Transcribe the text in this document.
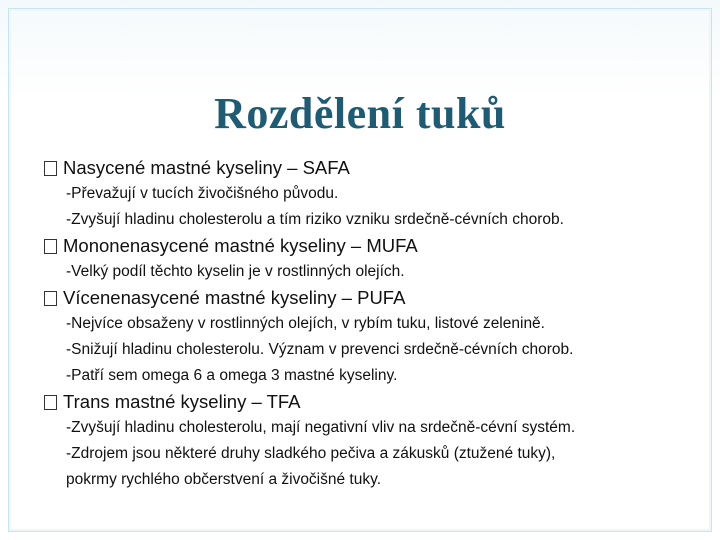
Rozdělení tuků
Nasycené mastné kyseliny – SAFA
-Převažují v tucích živočišného původu.
-Zvyšují hladinu cholesterolu a tím riziko vzniku srdečně-cévních chorob.
Mononenasycené mastné kyseliny – MUFA
-Velký podíl těchto kyselin je v rostlinných olejích.
Vícenenasycené mastné kyseliny – PUFA
-Nejvíce obsaženy v rostlinných olejích, v rybím tuku, listové zelenině.
-Snižují hladinu cholesterolu. Význam v prevenci srdečně-cévních chorob.
-Patří sem omega 6 a omega 3 mastné kyseliny.
Trans mastné kyseliny – TFA
-Zvyšují hladinu cholesterolu, mají negativní vliv na srdečně-cévní systém.
-Zdrojem jsou některé druhy sladkého pečiva a zákusků (ztužené tuky),
pokrmy rychlého občerstvení a živočišné tuky.
